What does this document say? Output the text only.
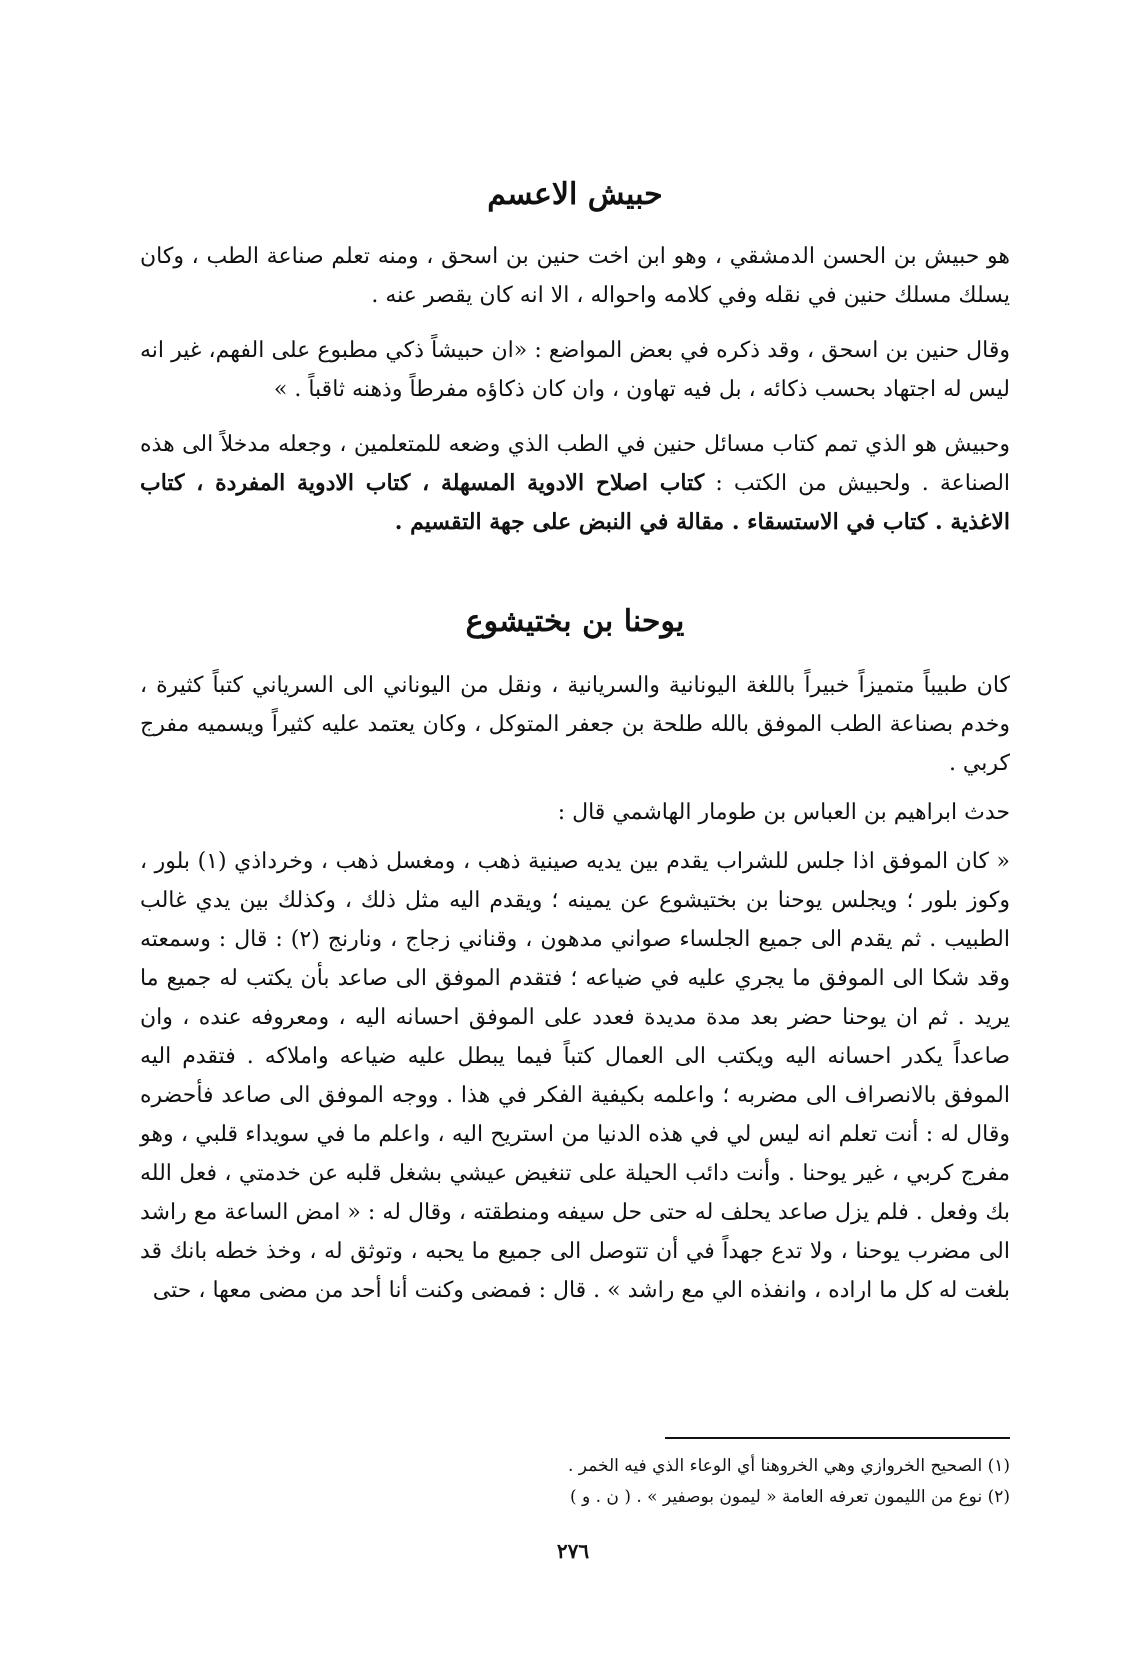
حبيش الاعسم

هو حبيش بن الحسن الدمشقي ، وهو ابن اخت حنين بن اسحق ، ومنه تعلم صناعة الطب ، وكان يسلك مسلك حنين في نقله وفي كلامه واحواله ، الا انه كان يقصر عنه .

وقال حنين بن اسحق ، وقد ذكره في بعض المواضع : «ان حبيشاً ذكي مطبوع على الفهم، غير انه ليس له اجتهاد بحسب ذكائه ، بل فيه تهاون ، وان كان ذكاؤه مفرطاً وذهنه ثاقباً . »

وحبيش هو الذي تمم كتاب مسائل حنين في الطب الذي وضعه للمتعلمين ، وجعله مدخلاً الى هذه الصناعة . ولحبيش من الكتب : كتاب اصلاح الادوية المسهلة ، كتاب الادوية المفردة ، كتاب الاغذية . كتاب في الاستسقاء . مقالة في النبض على جهة التقسيم .

يوحنا بن بختيشوع

كان طبيباً متميزاً خبيراً باللغة اليونانية والسريانية ، ونقل من اليوناني الى السرياني كتباً كثيرة ، وخدم بصناعة الطب الموفق بالله طلحة بن جعفر المتوكل ، وكان يعتمد عليه كثيراً ويسميه مفرج كربي .

حدث ابراهيم بن العباس بن طومار الهاشمي قال :

« كان الموفق اذا جلس للشراب يقدم بين يديه صينية ذهب ، ومغسل ذهب ، وخرداذي (١) بلور ، وكوز بلور ؛ ويجلس يوحنا بن بختيشوع عن يمينه ؛ ويقدم اليه مثل ذلك ، وكذلك بين يدي غالب الطبيب . ثم يقدم الى جميع الجلساء صواني مدهون ، وقناني زجاج ، ونارنج (٢) : قال : وسمعته وقد شكا الى الموفق ما يجري عليه في ضياعه ؛ فتقدم الموفق الى صاعد بأن يكتب له جميع ما يريد . ثم ان يوحنا حضر بعد مدة مديدة فعدد على الموفق احسانه اليه ، ومعروفه عنده ، وان صاعداً يكدر احسانه اليه ويكتب الى العمال كتباً فيما يبطل عليه ضياعه واملاكه . فتقدم اليه الموفق بالانصراف الى مضربه ؛ واعلمه بكيفية الفكر في هذا . ووجه الموفق الى صاعد فأحضره وقال له : أنت تعلم انه ليس لي في هذه الدنيا من استريح اليه ، واعلم ما في سويداء قلبي ، وهو مفرج كربي ، غير يوحنا . وأنت دائب الحيلة على تنغيض عيشي بشغل قلبه عن خدمتي ، فعل الله بك وفعل . فلم يزل صاعد يحلف له حتى حل سيفه ومنطقته ، وقال له : « امض الساعة مع راشد الى مضرب يوحنا ، ولا تدع جهداً في أن تتوصل الى جميع ما يحبه ، وتوثق له ، وخذ خطه بانك قد بلغت له كل ما اراده ، وانفذه الي مع راشد » . قال : فمضى وكنت أنا أحد من مضى معها ، حتى

(١) الصحيح الخروازي وهي الخروهنا أي الوعاء الذي فيه الخمر .

(٢) نوع من الليمون تعرفه العامة « ليمون بوصفير » . ( ن . و )

٢٧٦
